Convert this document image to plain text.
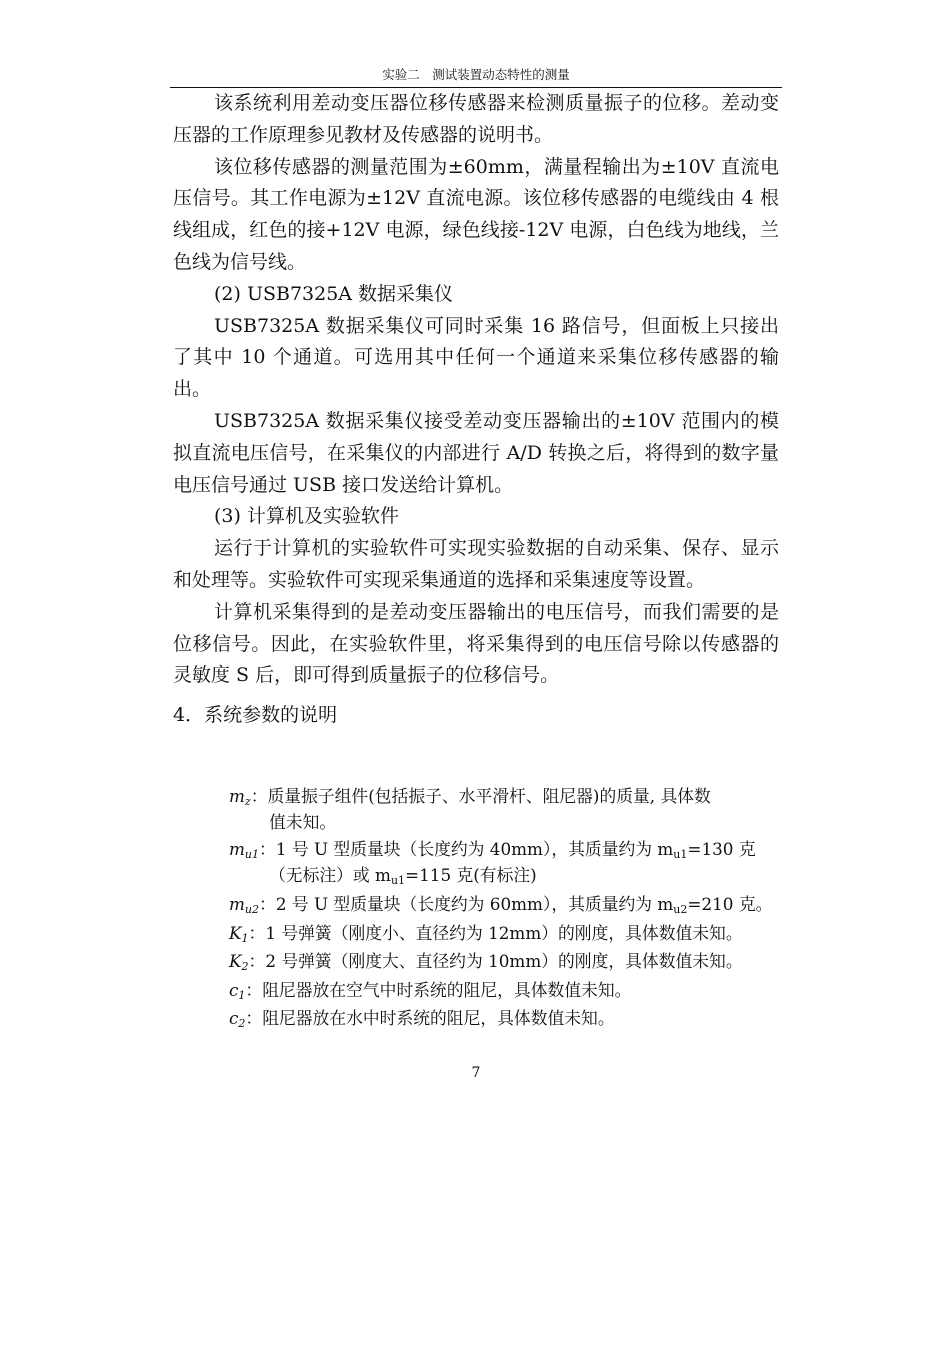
实验二　测试装置动态特性的测量

该系统利用差动变压器位移传感器来检测质量振子的位移。差动变压器的工作原理参见教材及传感器的说明书。

该位移传感器的测量范围为±60mm，满量程输出为±10V 直流电压信号。其工作电源为±12V 直流电源。该位移传感器的电缆线由 4 根线组成，红色的接+12V 电源，绿色线接-12V 电源，白色线为地线，兰色线为信号线。

(2) USB7325A 数据采集仪

USB7325A 数据采集仪可同时采集 16 路信号，但面板上只接出了其中 10 个通道。可选用其中任何一个通道来采集位移传感器的输出。

USB7325A 数据采集仪接受差动变压器输出的±10V 范围内的模拟直流电压信号，在采集仪的内部进行 A/D 转换之后，将得到的数字量电压信号通过 USB 接口发送给计算机。

(3) 计算机及实验软件

运行于计算机的实验软件可实现实验数据的自动采集、保存、显示和处理等。实验软件可实现采集通道的选择和采集速度等设置。

计算机采集得到的是差动变压器输出的电压信号，而我们需要的是位移信号。因此，在实验软件里，将采集得到的电压信号除以传感器的灵敏度 S 后，即可得到质量振子的位移信号。

4．系统参数的说明

$m_z$：质量振子组件(包括振子、水平滑杆、阻尼器)的质量, 具体数
值未知。

$m_{u1}$：1 号 U 型质量块（长度约为 40mm），其质量约为 $m_{u1}=130$ 克
（无标注）或 $m_{u1}=115$ 克(有标注)

$m_{u2}$：2 号 U 型质量块（长度约为 60mm），其质量约为 $m_{u2}=210$ 克。

$K_1$：1 号弹簧（刚度小、直径约为 12mm）的刚度，具体数值未知。

$K_2$：2 号弹簧（刚度大、直径约为 10mm）的刚度，具体数值未知。

$c_1$：阻尼器放在空气中时系统的阻尼，具体数值未知。

$c_2$：阻尼器放在水中时系统的阻尼，具体数值未知。

7
